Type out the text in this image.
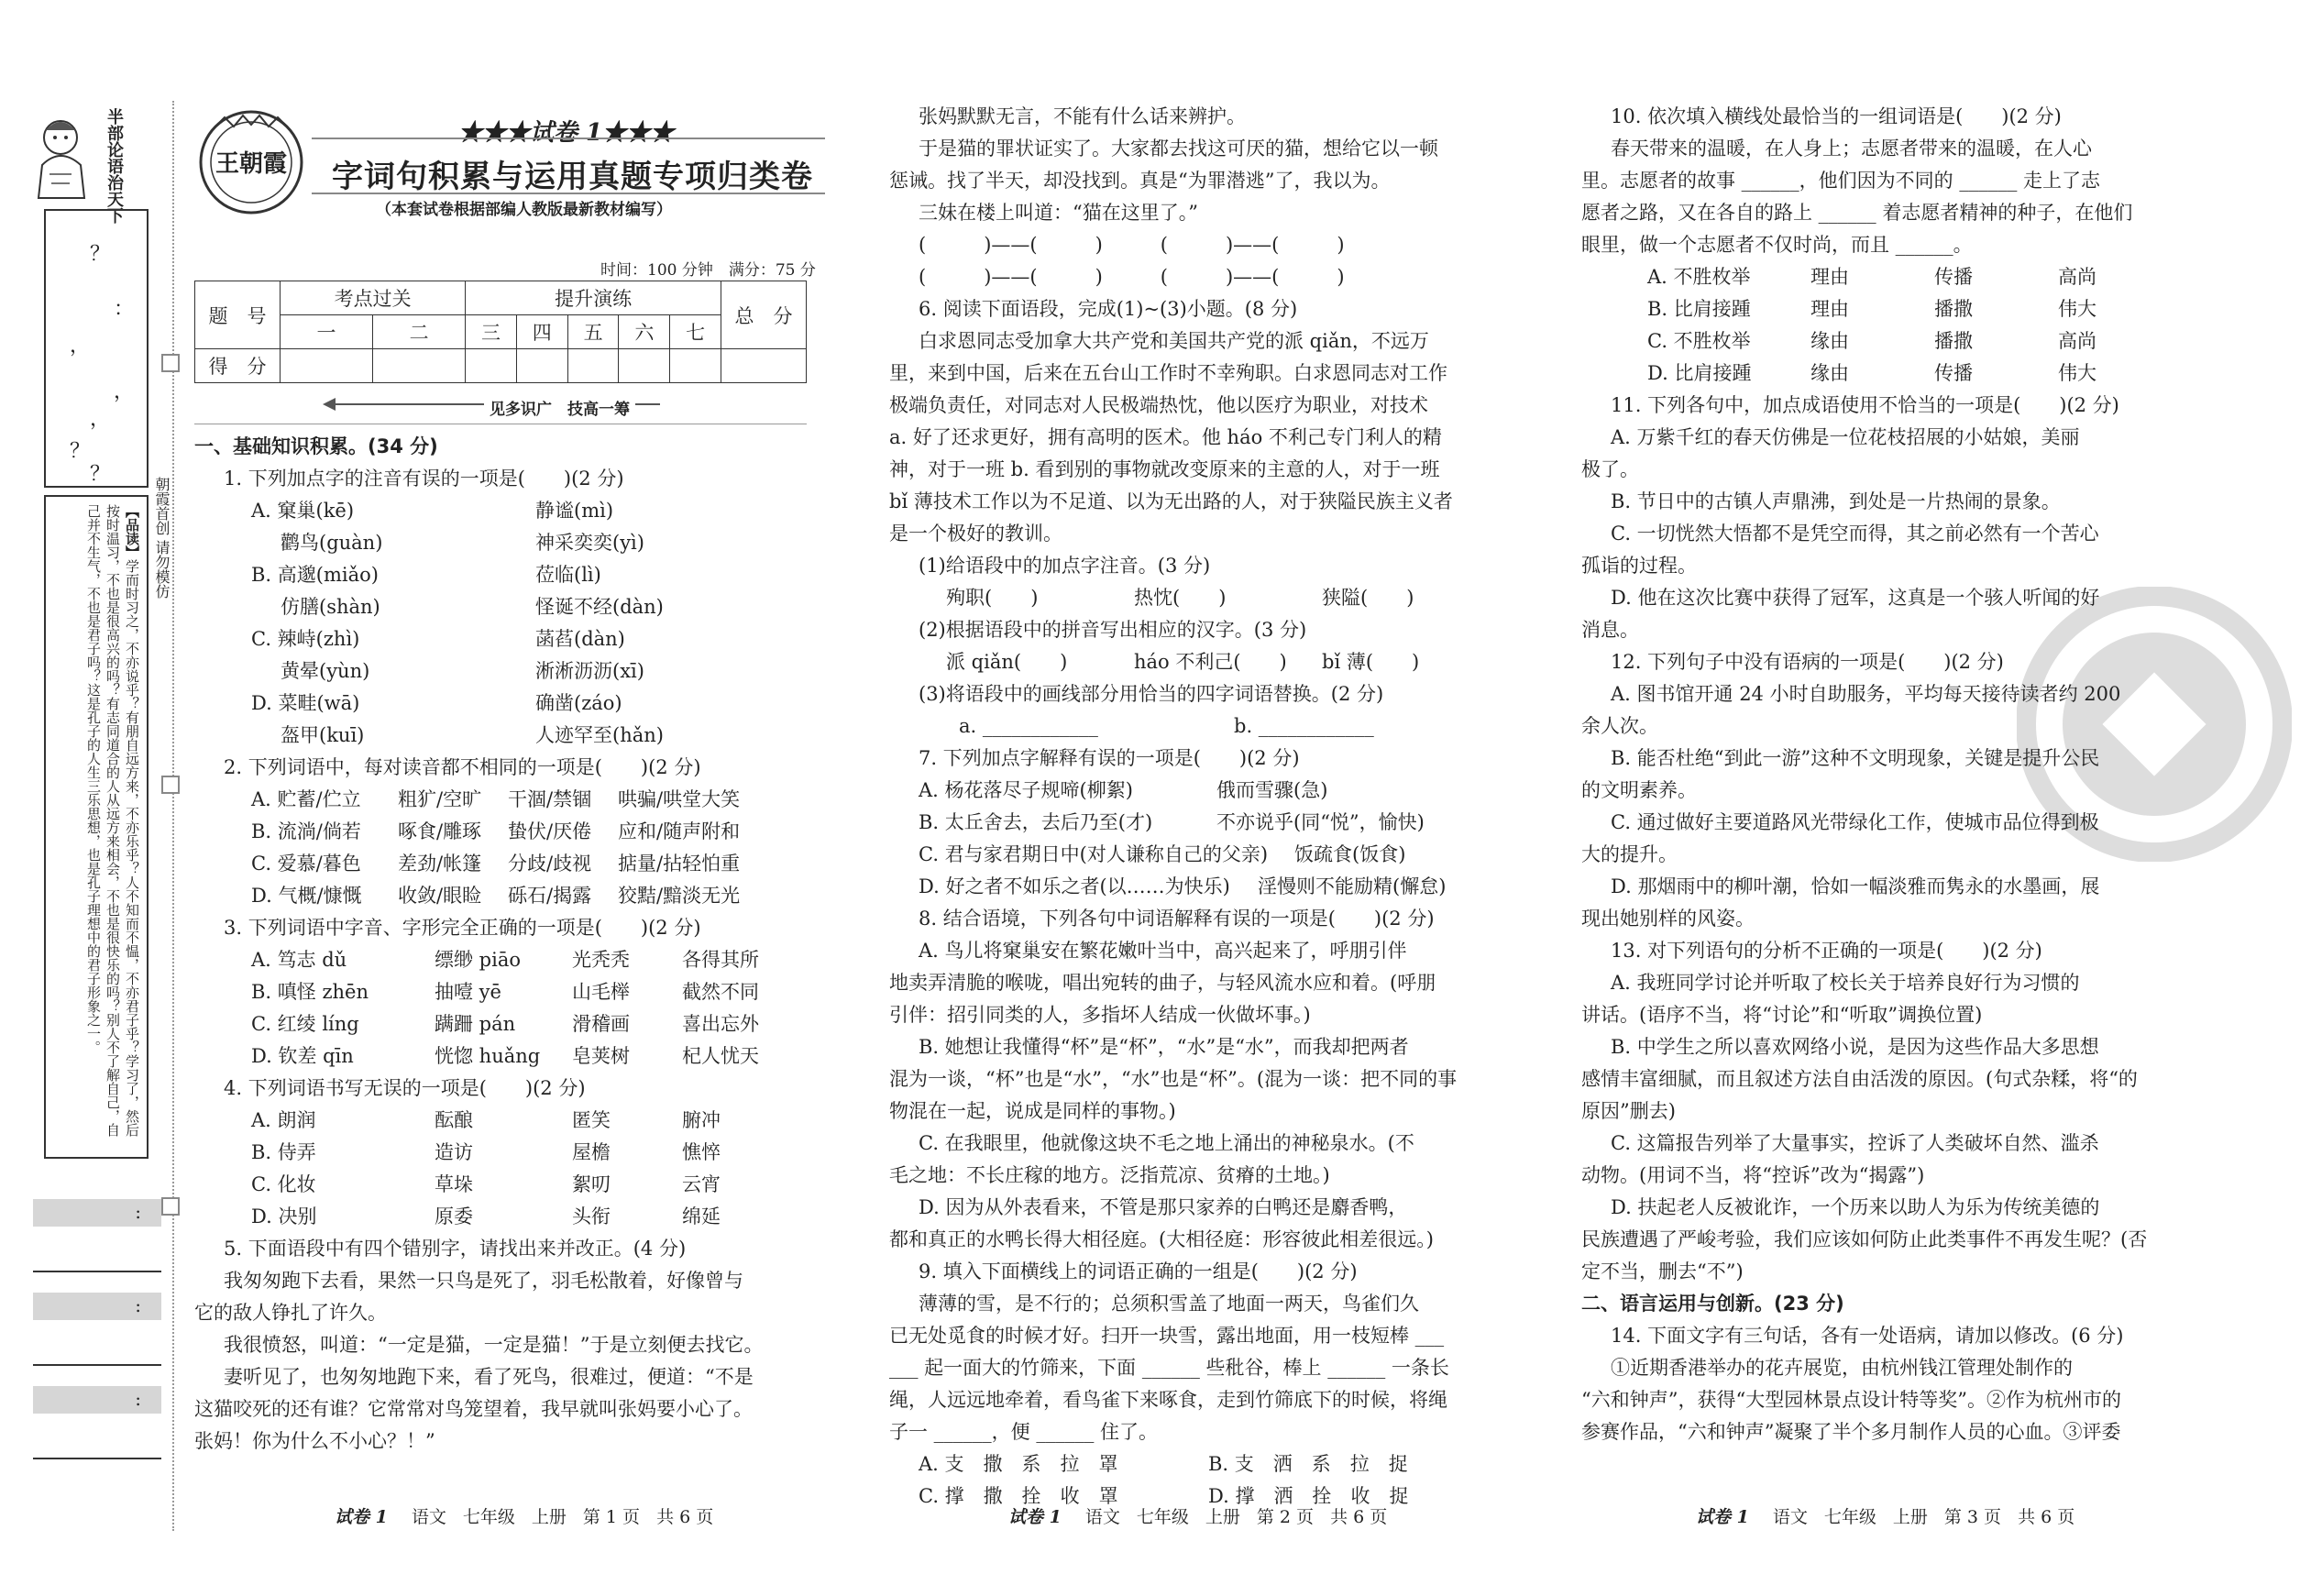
半部论语治天下
？
：
，
，
，
？
？
【品读】学而时习之，不亦说乎？有朋自远方来，不亦乐乎？人不知而不愠，不亦君子乎？学习了，然后按时温习，不也是很高兴的吗？有志同道合的人从远方来相会，不也是很快乐的吗？别人不了解自己，自己并不生气，不也是君子吗？这是孔子的人生三乐思想，也是孔子理想中的君子形象之一。	朝霞首创 请勿模仿
:
:
:
王朝霞
★★★试卷 1★★★
字词句积累与运用真题专项归类卷
（本套试卷根据部编人教版最新教材编写）
时间：100 分钟　满分：75 分
题　号	考点过关		提升演练					总　分
	一	二	三	四	五	六	七	
得　分								
见多识广　技高一筹

一、基础知识积累。(34 分)

1. 下列加点字的注音有误的一项是(　　)(2 分)

A. 窠巢(kē)	静谧(mì)
鹳鸟(guàn)	神采奕奕(yì)
B. 高邈(miǎo)	莅临(lì)
仿膳(shàn)	怪诞不经(dàn)
C. 辣峙(zhì)	菡萏(dàn)
黄晕(yùn)	淅淅沥沥(xī)
D. 菜畦(wā)	确凿(záo)
盔甲(kuī)	人迹罕至(hǎn)

2. 下列词语中，每对读音都不相同的一项是(　　)(2 分)

A. 贮蓄/伫立	粗犷/空旷	干涸/禁锢	哄骗/哄堂大笑
B. 流淌/倘若	啄食/雕琢	蛰伏/厌倦	应和/随声附和
C. 爱慕/暮色	差劲/帐篷	分歧/歧视	掂量/拈轻怕重
D. 气概/慷慨	收敛/眼睑	砾石/揭露	狡黠/黯淡无光

3. 下列词语中字音、字形完全正确的一项是(　　)(2 分)

A. 笃志 dǔ	缥缈 piāo	光秃秃	各得其所
B. 嗔怪 zhēn	抽噎 yē	山毛榉	截然不同
C. 红绫 líng	蹒跚 pán	滑稽画	喜出忘外
D. 钦差 qīn	恍惚 huǎng	皂荚树	杞人忧天

4. 下列词语书写无误的一项是(　　)(2 分)

A. 朗润	酝酿	匿笑	腑冲
B. 侍弄	造访	屋檐	憔悴
C. 化妆	草垛	絮叨	云宵
D. 决别	原委	头衔	绵延

5. 下面语段中有四个错别字，请找出来并改正。(4 分)

我匆匆跑下去看，果然一只鸟是死了，羽毛松散着，好像曾与

它的敌人铮扎了许久。

我很愤怒，叫道：“一定是猫，一定是猫！”于是立刻便去找它。

妻听见了，也匆匆地跑下来，看了死鸟，很难过，便道：“不是

这猫咬死的还有谁？它常常对鸟笼望着，我早就叫张妈要小心了。

张妈！你为什么不小心？！”

试卷 1 语文 七年级 上册 第 1 页 共 6 页

张妈默默无言，不能有什么话来辨护。

于是猫的罪状证实了。大家都去找这可厌的猫，想给它以一顿

惩诫。找了半天，却没找到。真是“为罪潜逃”了，我以为。

三妹在楼上叫道：“猫在这里了。”

(　　　)——(　　　)　　　(　　　)——(　　　)

(　　　)——(　　　)　　　(　　　)——(　　　)

6. 阅读下面语段，完成(1)~(3)小题。(8 分)

白求恩同志受加拿大共产党和美国共产党的派 qiǎn，不远万

里，来到中国，后来在五台山工作时不幸殉职。白求恩同志对工作

极端负责任，对同志对人民极端热忱，他以医疗为职业，对技术

a. 好了还求更好，拥有高明的医术。他 háo 不利己专门利人的精

神，对于一班 b. 看到别的事物就改变原来的主意的人，对于一班

bǐ 薄技术工作以为不足道、以为无出路的人，对于狭隘民族主义者

是一个极好的教训。

(1)给语段中的加点字注音。(3 分)

殉职(　　)	热忱(　　)	狭隘(　　)

(2)根据语段中的拼音写出相应的汉字。(3 分)

派 qiǎn(　　)	háo 不利己(　　)	bǐ 薄(　　)

(3)将语段中的画线部分用恰当的四字词语替换。(2 分)

a. ____________	b. ____________

7. 下列加点字解释有误的一项是(　　)(2 分)

A. 杨花落尽子规啼(柳絮)	俄而雪骤(急)
B. 太丘舍去，去后乃至(才)	不亦说乎(同“悦”，愉快)
C. 君与家君期日中(对人谦称自己的父亲)	饭疏食(饭食)
D. 好之者不如乐之者(以……为快乐)	淫慢则不能励精(懈怠)

8. 结合语境，下列各句中词语解释有误的一项是(　　)(2 分)

A. 鸟儿将窠巢安在繁花嫩叶当中，高兴起来了，呼朋引伴

地卖弄清脆的喉咙，唱出宛转的曲子，与轻风流水应和着。(呼朋

引伴：招引同类的人，多指坏人结成一伙做坏事。)

B. 她想让我懂得“杯”是“杯”，“水”是“水”，而我却把两者

混为一谈，“杯”也是“水”，“水”也是“杯”。(混为一谈：把不同的事

物混在一起，说成是同样的事物。)

C. 在我眼里，他就像这块不毛之地上涌出的神秘泉水。(不

毛之地：不长庄稼的地方。泛指荒凉、贫瘠的土地。)

D. 因为从外表看来，不管是那只家养的白鸭还是麝香鸭，

都和真正的水鸭长得大相径庭。(大相径庭：形容彼此相差很远。)

9. 填入下面横线上的词语正确的一组是(　　)(2 分)

薄薄的雪，是不行的；总须积雪盖了地面一两天，鸟雀们久

已无处觅食的时候才好。扫开一块雪，露出地面，用一枝短棒 ___

___ 起一面大的竹筛来，下面 ______ 些秕谷，棒上 ______ 一条长

绳，人远远地牵着，看鸟雀下来啄食，走到竹筛底下的时候，将绳

子一 ______，便 ______ 住了。

A. 支　撒　系　拉　罩	B. 支　洒　系　拉　捉
C. 撑　撒　拴　收　罩	D. 撑　洒　拴　收　捉
试卷 1 语文 七年级 上册 第 2 页 共 6 页

10. 依次填入横线处最恰当的一组词语是(　　)(2 分)

春天带来的温暖，在人身上；志愿者带来的温暖，在人心

里。志愿者的故事 ______，他们因为不同的 ______ 走上了志

愿者之路，又在各自的路上 ______ 着志愿者精神的种子，在他们

眼里，做一个志愿者不仅时尚，而且 ______。

A. 不胜枚举	理由	传播	高尚
B. 比肩接踵	理由	播撒	伟大
C. 不胜枚举	缘由	播撒	高尚
D. 比肩接踵	缘由	传播	伟大

11. 下列各句中，加点成语使用不恰当的一项是(　　)(2 分)

A. 万紫千红的春天仿佛是一位花枝招展的小姑娘，美丽

极了。

B. 节日中的古镇人声鼎沸，到处是一片热闹的景象。

C. 一切恍然大悟都不是凭空而得，其之前必然有一个苦心

孤诣的过程。

D. 他在这次比赛中获得了冠军，这真是一个骇人听闻的好

消息。

12. 下列句子中没有语病的一项是(　　)(2 分)

A. 图书馆开通 24 小时自助服务，平均每天接待读者约 200

余人次。

B. 能否杜绝“到此一游”这种不文明现象，关键是提升公民

的文明素养。

C. 通过做好主要道路风光带绿化工作，使城市品位得到极

大的提升。

D. 那烟雨中的柳叶潮，恰如一幅淡雅而隽永的水墨画，展

现出她别样的风姿。

13. 对下列语句的分析不正确的一项是(　　)(2 分)

A. 我班同学讨论并听取了校长关于培养良好行为习惯的

讲话。(语序不当，将“讨论”和“听取”调换位置)

B. 中学生之所以喜欢网络小说，是因为这些作品大多思想

感情丰富细腻，而且叙述方法自由活泼的原因。(句式杂糅，将“的

原因”删去)

C. 这篇报告列举了大量事实，控诉了人类破坏自然、滥杀

动物。(用词不当，将“控诉”改为“揭露”)

D. 扶起老人反被讹诈，一个历来以助人为乐为传统美德的

民族遭遇了严峻考验，我们应该如何防止此类事件不再发生呢？(否

定不当，删去“不”)

二、语言运用与创新。(23 分)

14. 下面文字有三句话，各有一处语病，请加以修改。(6 分)

①近期香港举办的花卉展览，由杭州钱江管理处制作的

“六和钟声”，获得“大型园林景点设计特等奖”。②作为杭州市的

参赛作品，“六和钟声”凝聚了半个多月制作人员的心血。③评委

试卷 1 语文 七年级 上册 第 3 页 共 6 页
